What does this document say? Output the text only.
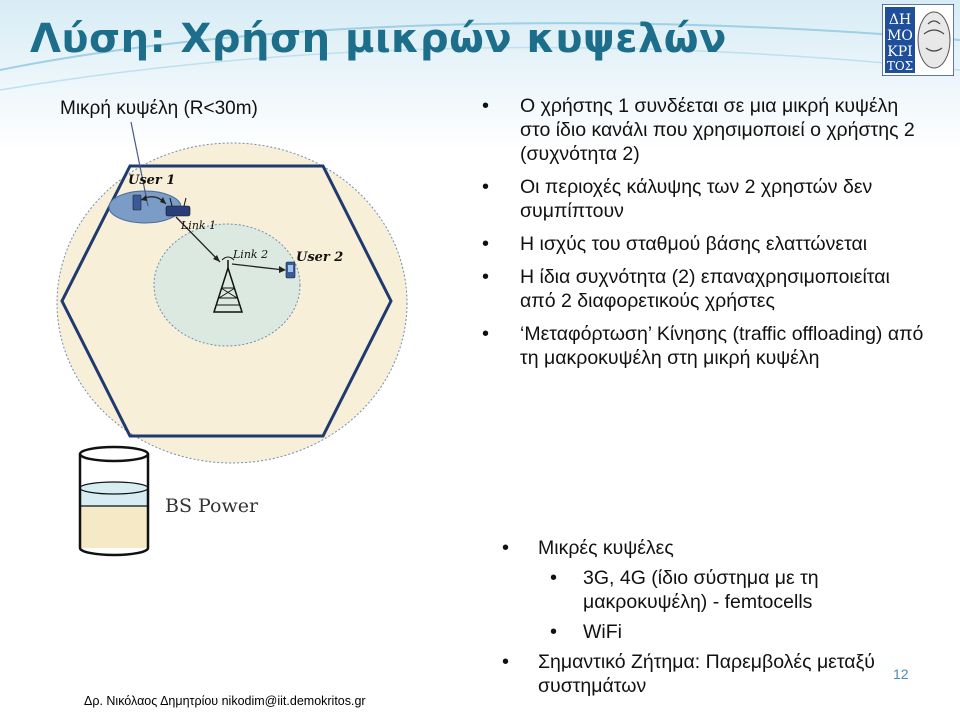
Λύση: Χρήση μικρών κυψελών	ΔΗ
ΜΟ
ΚΡΙ
ΤΟΣ
Μικρή κυψέλη (R<30m)
User 1
Link 1
Link 2 User 2
BS Power
• Ο χρήστης 1 συνδέεται σε μια μικρή κυψέλη στο ίδιο κανάλι που χρησιμοποιεί ο χρήστης 2 (συχνότητα 2)
• Οι περιοχές κάλυψης των 2 χρηστών δεν συμπίπτουν
• Η ισχύς του σταθμού βάσης ελαττώνεται
• Η ίδια συχνότητα (2) επαναχρησιμοποιείται από 2 διαφορετικούς χρήστες
• ‘Μεταφόρτωση’ Κίνησης (traffic offloading) από τη μακροκυψέλη στη μικρή κυψέλη
• Μικρές κυψέλες
• 3G, 4G (ίδιο σύστημα με τη μακροκυψέλη) - femtocells
• WiFi
• Σημαντικό Ζήτημα: Παρεμβολές μεταξύ συστημάτων
12
Δρ. Νικόλαος Δημητρίου nikodim@iit.demokritos.gr
